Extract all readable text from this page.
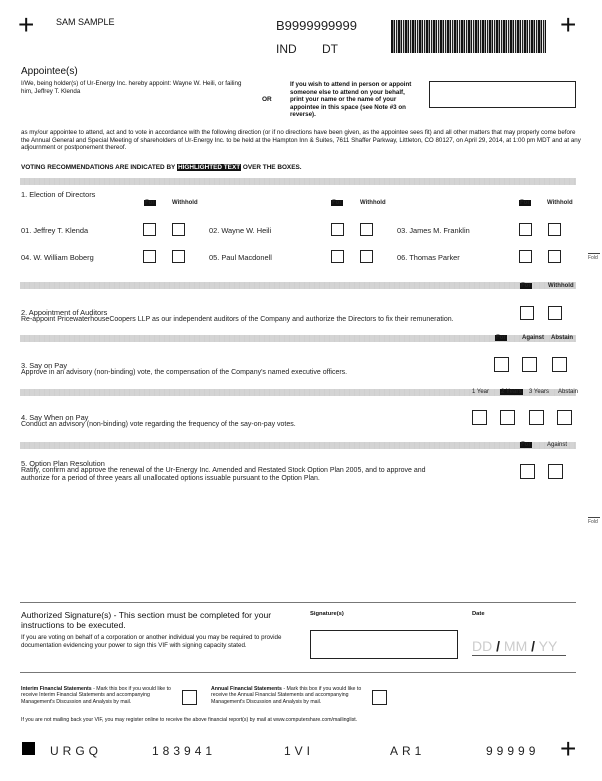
+	+
SAM SAMPLE	B9999999999
IND DT
Appointee(s)
I/We, being holder(s) of Ur-Energy Inc. hereby appoint: Wayne W. Heili, or failing him, Jeffrey T. Klenda
OR
If you wish to attend in person or appoint someone else to attend on your behalf, print your name or the name of your appointee in this space (see Note #3 on reverse).
as my/our appointee to attend, act and to vote in accordance with the following direction (or if no directions have been given, as the appointee sees fit) and all other matters that may properly come before the Annual General and Special Meeting of shareholders of Ur-Energy Inc. to be held at the Hampton Inn & Suites, 7611 Shaffer Parkway, Littleton, CO 80127, on April 29, 2014, at 1:00 pm MDT and at any adjournment or postponement thereof.
VOTING RECOMMENDATIONS ARE INDICATED BY HIGHLIGHTED TEXT OVER THE BOXES.
1. Election of Directors
For	Withhold	For	Withhold	For	Withhold
01. Jeffrey T. Klenda	02. Wayne W. Heili	03. James M. Franklin
04. W. William Boberg	05. Paul Macdonell	06. Thomas Parker	Fold
For	Withhold
2. Appointment of Auditors
Re-appoint PricewaterhouseCoopers LLP as our independent auditors of the Company and authorize the Directors to fix their remuneration.
For	Against Abstain
3. Say on Pay
Approve in an advisory (non-binding) vote, the compensation of the Company's named executive officers.
1 Year 2 Years 3 Years Abstain
4. Say When on Pay
Conduct an advisory (non-binding) vote regarding the frequency of the say-on-pay votes.
For	Against
5. Option Plan Resolution
Ratify, confirm and approve the renewal of the Ur-Energy Inc. Amended and Restated Stock Option Plan 2005, and to approve and authorize for a period of three years all unallocated options issuable pursuant to the Option Plan.
Fold
Authorized Signature(s) - This section must be completed for your instructions to be executed.
If you are voting on behalf of a corporation or another individual you may be required to provide documentation evidencing your power to sign this VIF with signing capacity stated.
Signature(s)	Date
DD / MM / YY
Interim Financial Statements - Mark this box if you would like to receive Interim Financial Statements and accompanying Management's Discussion and Analysis by mail.
Annual Financial Statements - Mark this box if you would like to receive the Annual Financial Statements and accompanying Management's Discussion and Analysis by mail.
If you are not mailing back your VIF, you may register online to receive the above financial report(s) by mail at www.computershare.com/mailinglist.
URGQ	183941	1VI	AR1	99999 +
